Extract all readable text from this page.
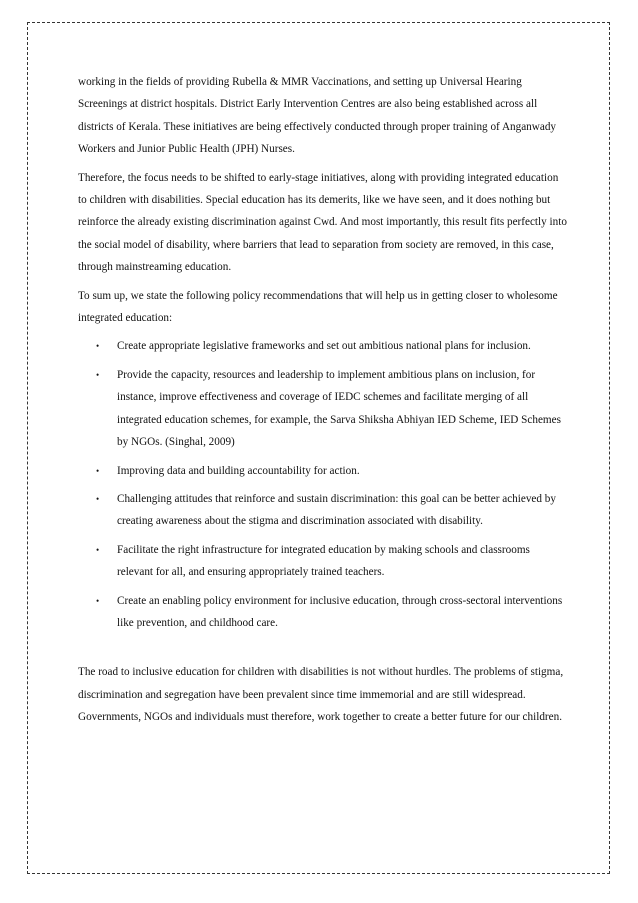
working in the fields of providing Rubella & MMR Vaccinations, and setting up Universal Hearing Screenings at district hospitals. District Early Intervention Centres are also being established across all districts of Kerala. These initiatives are being effectively conducted through proper training of Anganwady Workers and Junior Public Health (JPH) Nurses.

Therefore, the focus needs to be shifted to early-stage initiatives, along with providing integrated education to children with disabilities. Special education has its demerits, like we have seen, and it does nothing but reinforce the already existing discrimination against Cwd. And most importantly, this result fits perfectly into the social model of disability, where barriers that lead to separation from society are removed, in this case, through mainstreaming education.

To sum up, we state the following policy recommendations that will help us in getting closer to wholesome integrated education:

• Create appropriate legislative frameworks and set out ambitious national plans for inclusion.
• Provide the capacity, resources and leadership to implement ambitious plans on inclusion, for instance, improve effectiveness and coverage of IEDC schemes and facilitate merging of all integrated education schemes, for example, the Sarva Shiksha Abhiyan IED Scheme, IED Schemes by NGOs. (Singhal, 2009)
• Improving data and building accountability for action.
• Challenging attitudes that reinforce and sustain discrimination: this goal can be better achieved by creating awareness about the stigma and discrimination associated with disability.
• Facilitate the right infrastructure for integrated education by making schools and classrooms relevant for all, and ensuring appropriately trained teachers.
• Create an enabling policy environment for inclusive education, through cross-sectoral interventions like prevention, and childhood care.

The road to inclusive education for children with disabilities is not without hurdles. The problems of stigma, discrimination and segregation have been prevalent since time immemorial and are still widespread. Governments, NGOs and individuals must therefore, work together to create a better future for our children.
